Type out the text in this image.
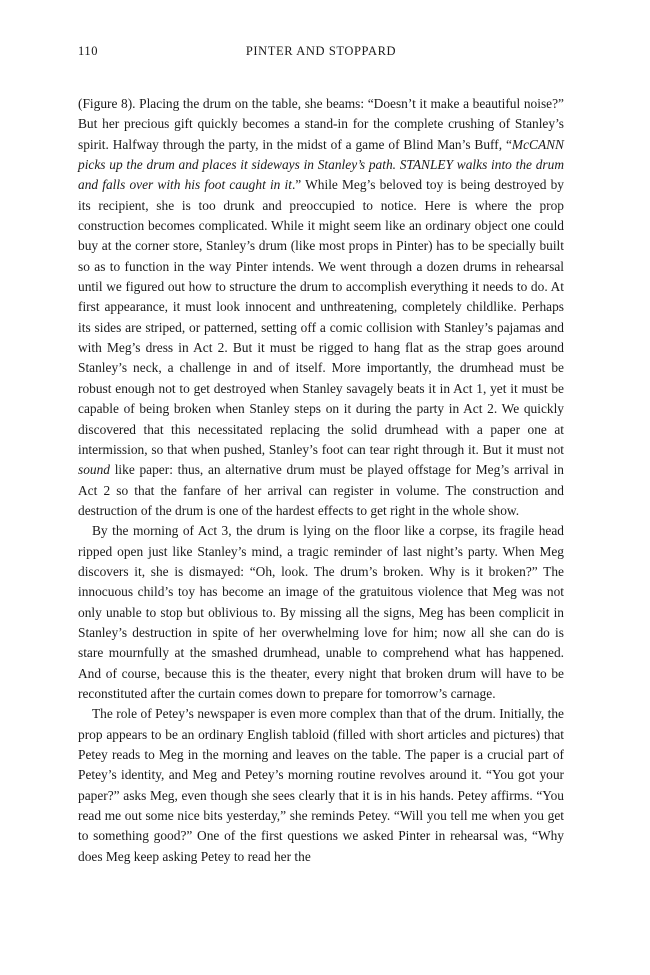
110	PINTER AND STOPPARD

(Figure 8). Placing the drum on the table, she beams: “Doesn’t it make a beautiful noise?” But her precious gift quickly becomes a stand-in for the complete crushing of Stanley’s spirit. Halfway through the party, in the midst of a game of Blind Man’s Buff, “McCANN picks up the drum and places it sideways in Stanley’s path. STANLEY walks into the drum and falls over with his foot caught in it.” While Meg’s beloved toy is being destroyed by its recipient, she is too drunk and preoccupied to notice. Here is where the prop construction becomes complicated. While it might seem like an ordinary object one could buy at the corner store, Stanley’s drum (like most props in Pinter) has to be specially built so as to function in the way Pinter intends. We went through a dozen drums in rehearsal until we figured out how to structure the drum to accomplish everything it needs to do. At first appearance, it must look innocent and unthreatening, completely childlike. Perhaps its sides are striped, or patterned, setting off a comic collision with Stanley’s pajamas and with Meg’s dress in Act 2. But it must be rigged to hang flat as the strap goes around Stanley’s neck, a challenge in and of itself. More importantly, the drumhead must be robust enough not to get destroyed when Stanley savagely beats it in Act 1, yet it must be capable of being broken when Stanley steps on it during the party in Act 2. We quickly discovered that this necessitated replacing the solid drumhead with a paper one at intermission, so that when pushed, Stanley’s foot can tear right through it. But it must not sound like paper: thus, an alternative drum must be played offstage for Meg’s arrival in Act 2 so that the fanfare of her arrival can register in volume. The construction and destruction of the drum is one of the hardest effects to get right in the whole show.

By the morning of Act 3, the drum is lying on the floor like a corpse, its fragile head ripped open just like Stanley’s mind, a tragic reminder of last night’s party. When Meg discovers it, she is dismayed: “Oh, look. The drum’s broken. Why is it broken?” The innocuous child’s toy has become an image of the gratuitous violence that Meg was not only unable to stop but oblivious to. By missing all the signs, Meg has been complicit in Stanley’s destruction in spite of her overwhelming love for him; now all she can do is stare mournfully at the smashed drumhead, unable to comprehend what has happened. And of course, because this is the theater, every night that broken drum will have to be reconstituted after the curtain comes down to prepare for tomorrow’s carnage.

The role of Petey’s newspaper is even more complex than that of the drum. Initially, the prop appears to be an ordinary English tabloid (filled with short articles and pictures) that Petey reads to Meg in the morning and leaves on the table. The paper is a crucial part of Petey’s identity, and Meg and Petey’s morning routine revolves around it. “You got your paper?” asks Meg, even though she sees clearly that it is in his hands. Petey affirms. “You read me out some nice bits yesterday,” she reminds Petey. “Will you tell me when you get to something good?” One of the first questions we asked Pinter in rehearsal was, “Why does Meg keep asking Petey to read her the
